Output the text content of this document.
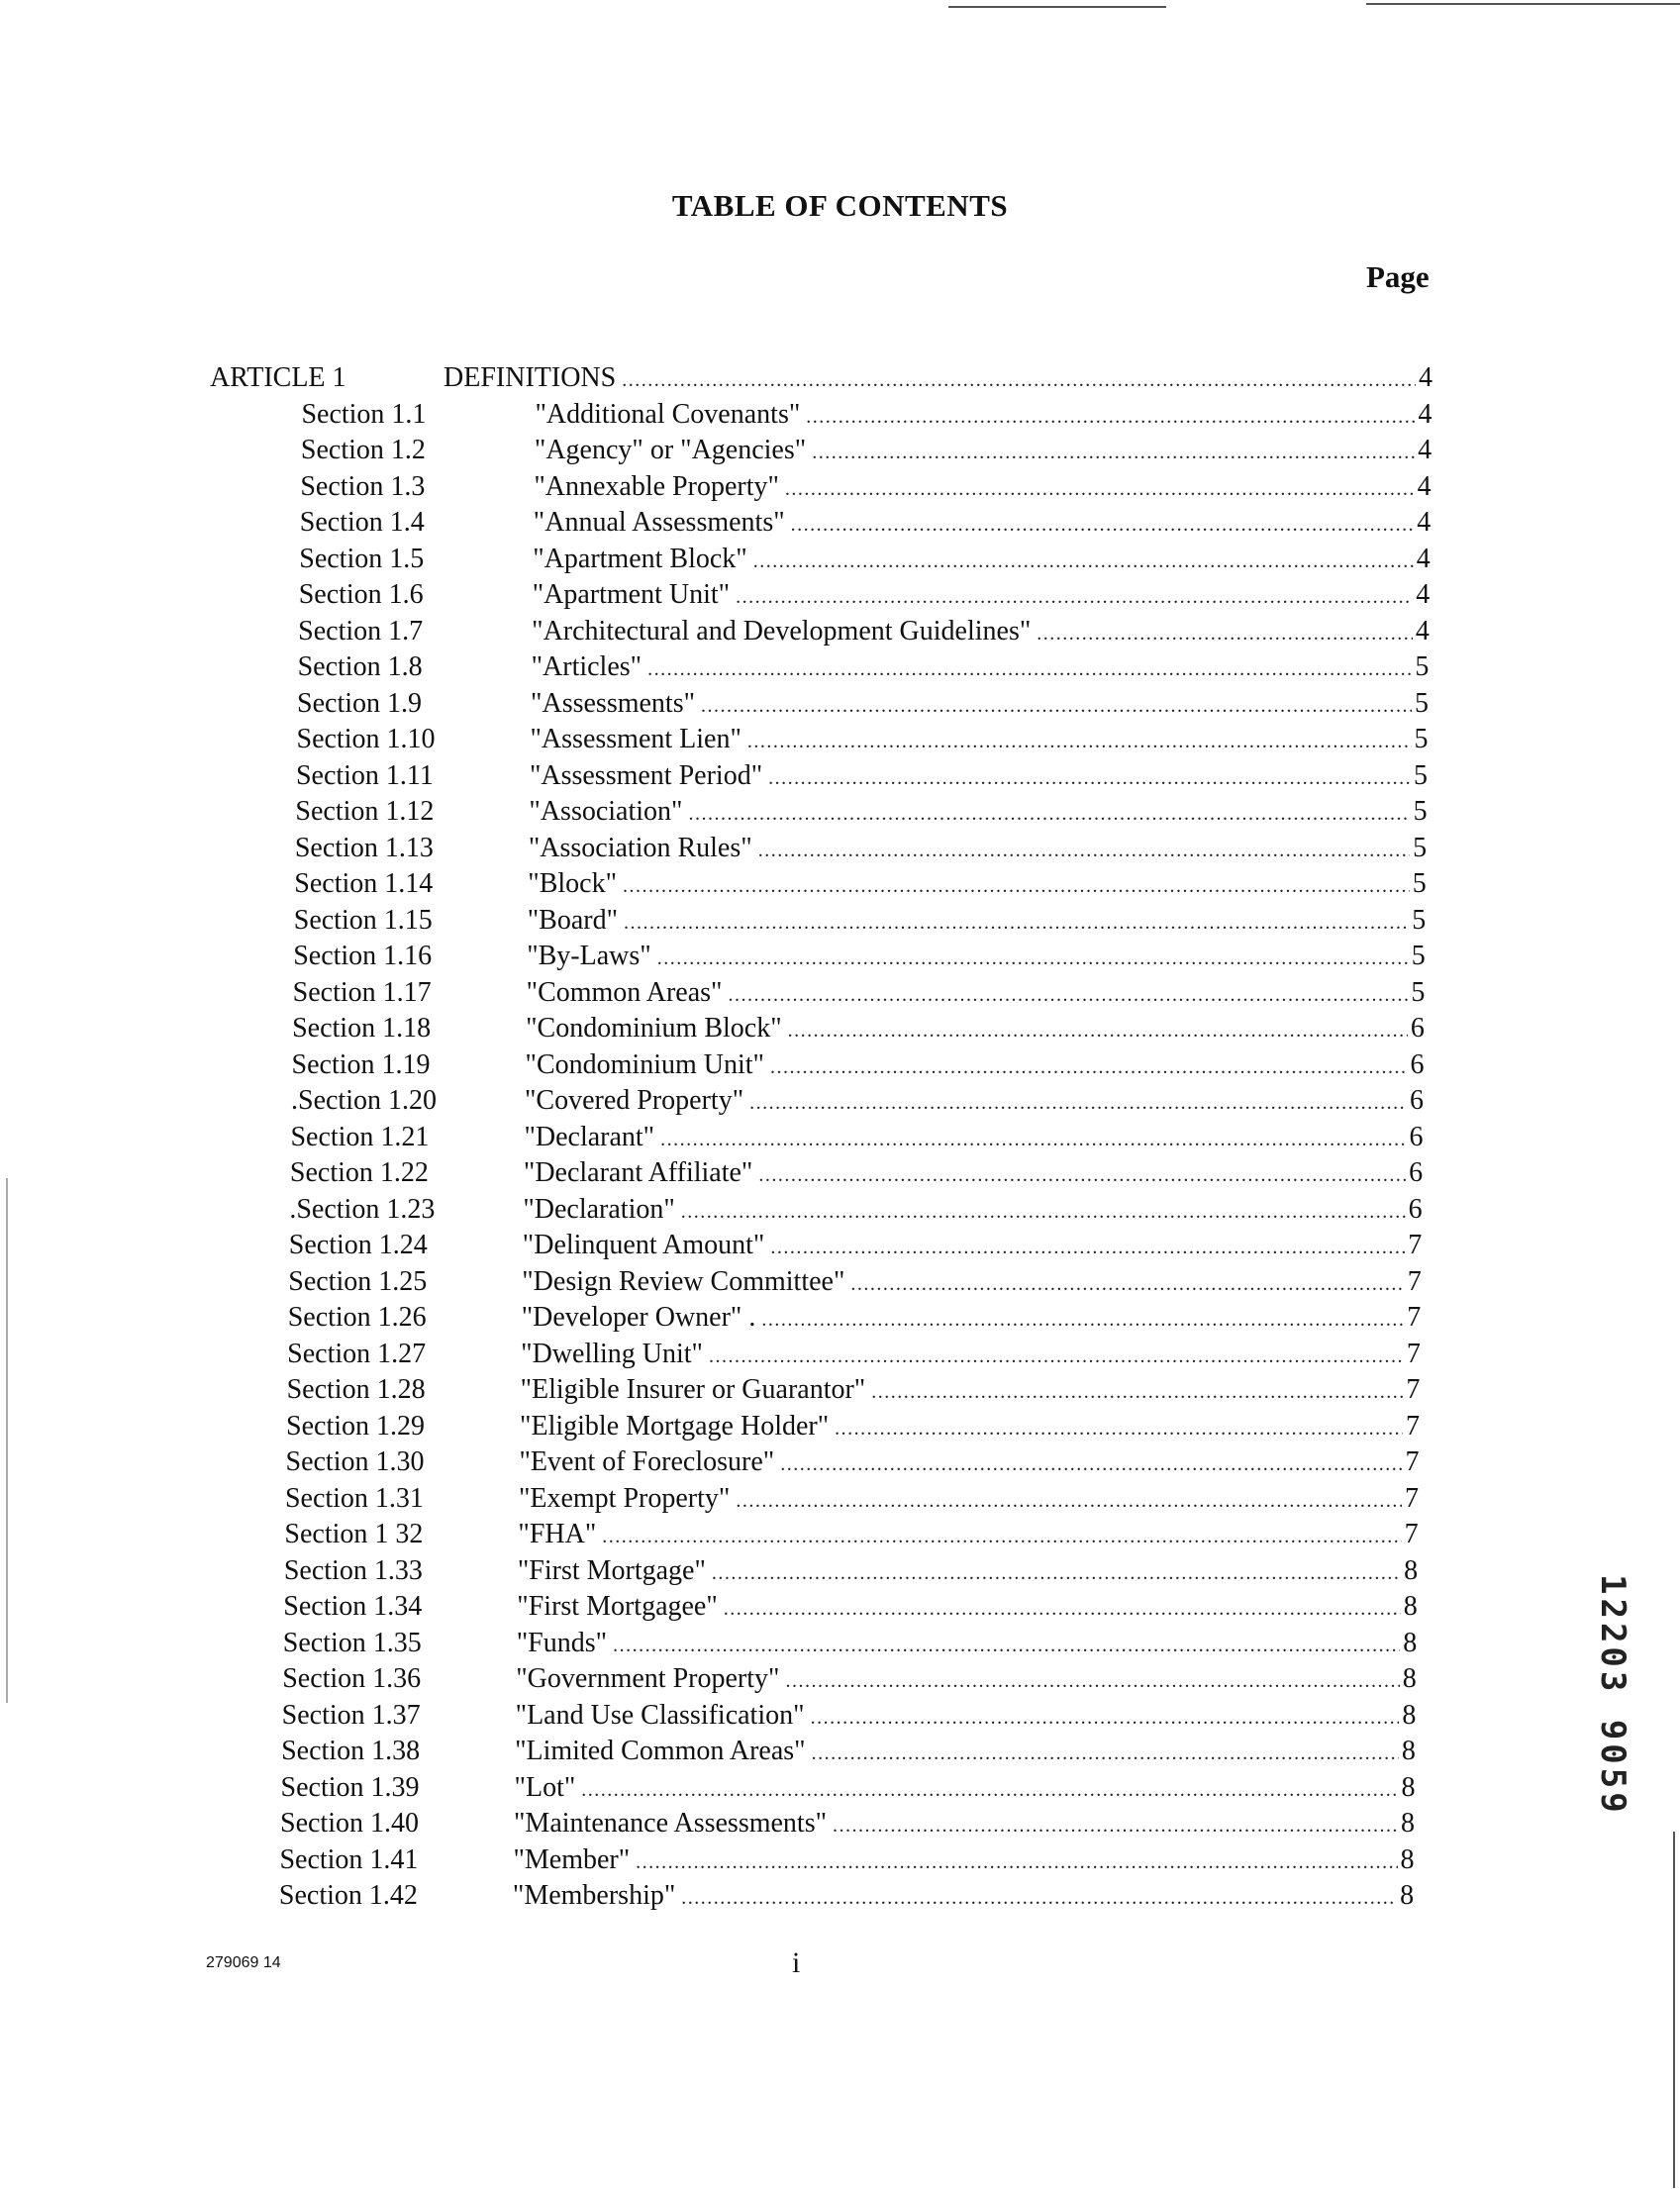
TABLE OF CONTENTS
Page
ARTICLE 1	DEFINITIONS .....	4
Section 1.1	"Additional Covenants" .....	4
Section 1.2	"Agency" or "Agencies" .....	4
Section 1.3	"Annexable Property" .....	4
Section 1.4	"Annual Assessments" .....	4
Section 1.5	"Apartment Block" .....	4
Section 1.6	"Apartment Unit" .....	4
Section 1.7	"Architectural and Development Guidelines" .....	4
Section 1.8	"Articles" .....	5
Section 1.9	"Assessments" .....	5
Section 1.10	"Assessment Lien" .....	5
Section 1.11	"Assessment Period" .....	5
Section 1.12	"Association" .....	5
Section 1.13	"Association Rules" .....	5
Section 1.14	"Block" .....	5
Section 1.15	"Board" .....	5
Section 1.16	"By-Laws" .....	5
Section 1.17	"Common Areas" .....	5
Section 1.18	"Condominium Block" .....	6
Section 1.19	"Condominium Unit" .....	6
.Section 1.20	"Covered Property" .....	6
Section 1.21	"Declarant" .....	6
Section 1.22	"Declarant Affiliate" .....	6
.Section 1.23	"Declaration" .....	6
Section 1.24	"Delinquent Amount" .....	7
Section 1.25	"Design Review Committee" .....	7
Section 1.26	"Developer Owner" . .....	7
Section 1.27	"Dwelling Unit" .....	7
Section 1.28	"Eligible Insurer or Guarantor" .....	7
Section 1.29	"Eligible Mortgage Holder" .....	7
Section 1.30	"Event of Foreclosure" .....	7
Section 1.31	"Exempt Property" .....	7
Section 1 32	"FHA" .....	7
Section 1.33	"First Mortgage" .....	8
Section 1.34	"First Mortgagee" .....	8
Section 1.35	"Funds" .....	8
Section 1.36	"Government Property" .....	8
Section 1.37	"Land Use Classification" .....	8
Section 1.38	"Limited Common Areas" .....	8
Section 1.39	"Lot" .....	8
Section 1.40	"Maintenance Assessments" .....	8
Section 1.41	"Member" .....	8
Section 1.42	"Membership" .....	8
279069 14	i
12203 9059
